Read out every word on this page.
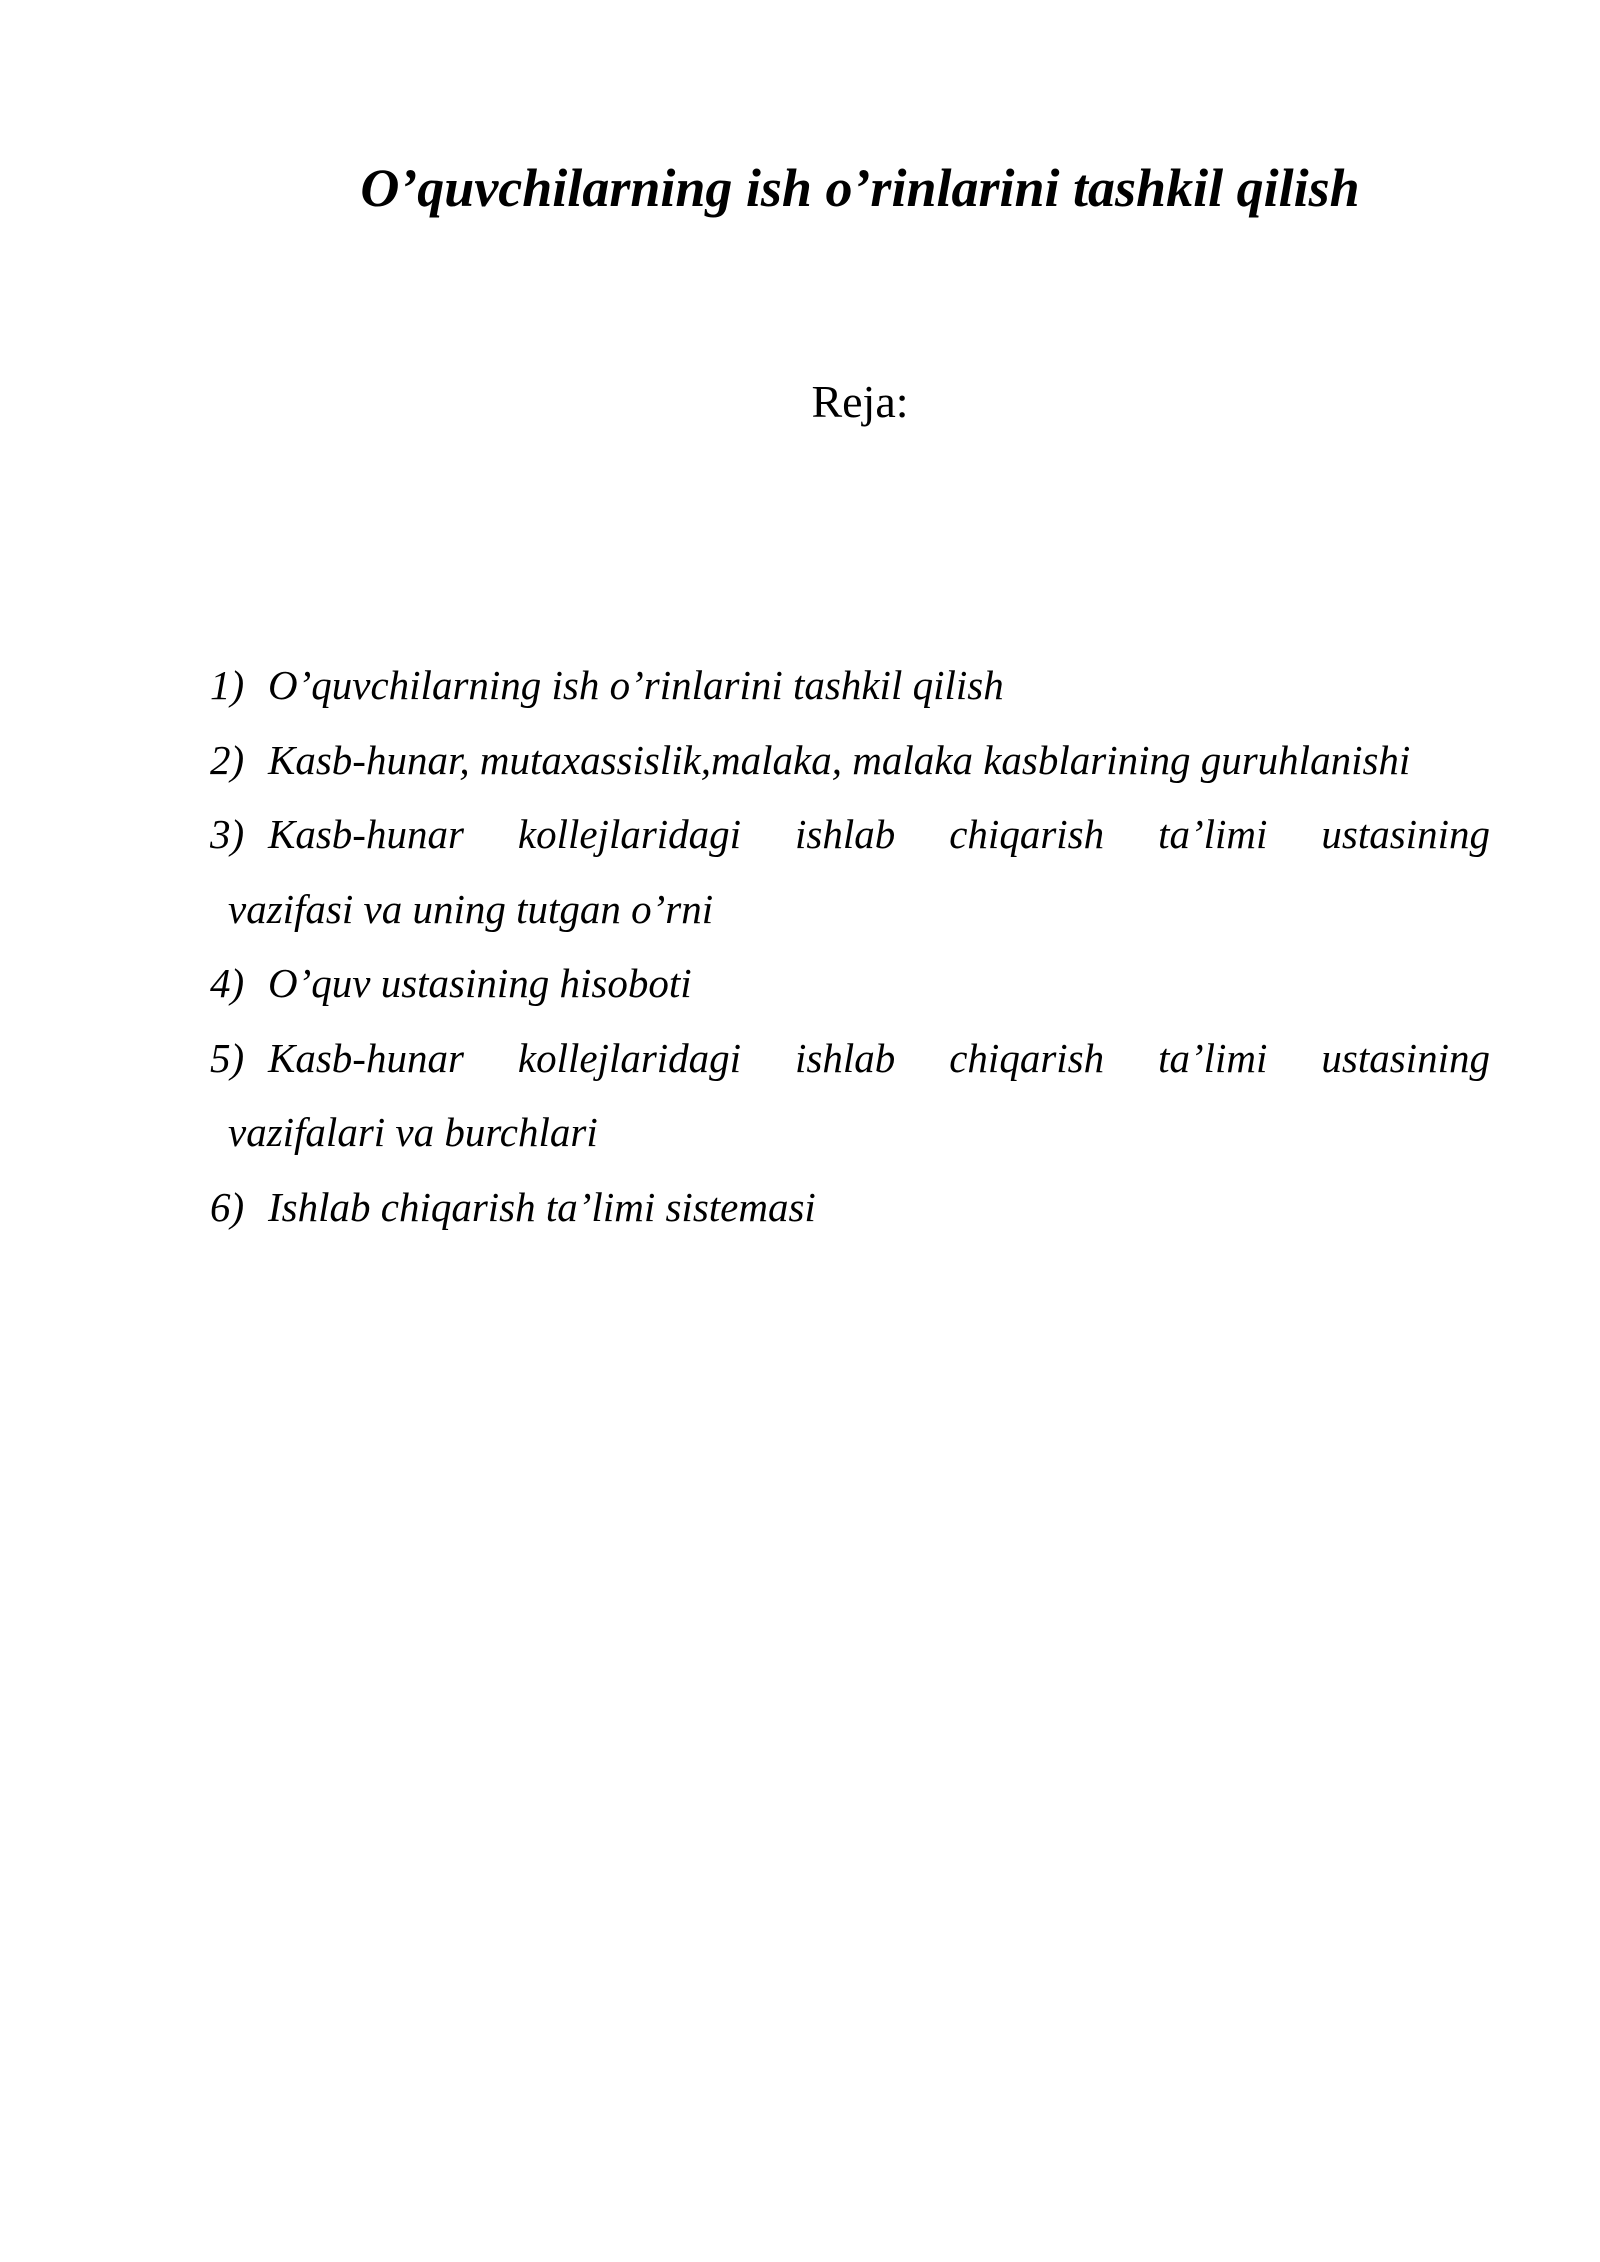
O’quvchilarning ish o’rinlarini tashkil qilish
Reja:
1) O’quvchilarning ish o’rinlarini tashkil qilish
2) Kasb-hunar, mutaxassislik,malaka, malaka kasblarining guruhlanishi
3) Kasb-hunar kollejlaridagi ishlab chiqarish ta’limi ustasining
vazifasi va uning tutgan o’rni
4) O’quv ustasining hisoboti
5) Kasb-hunar kollejlaridagi ishlab chiqarish ta’limi ustasining
vazifalari va burchlari
6) Ishlab chiqarish ta’limi sistemasi
